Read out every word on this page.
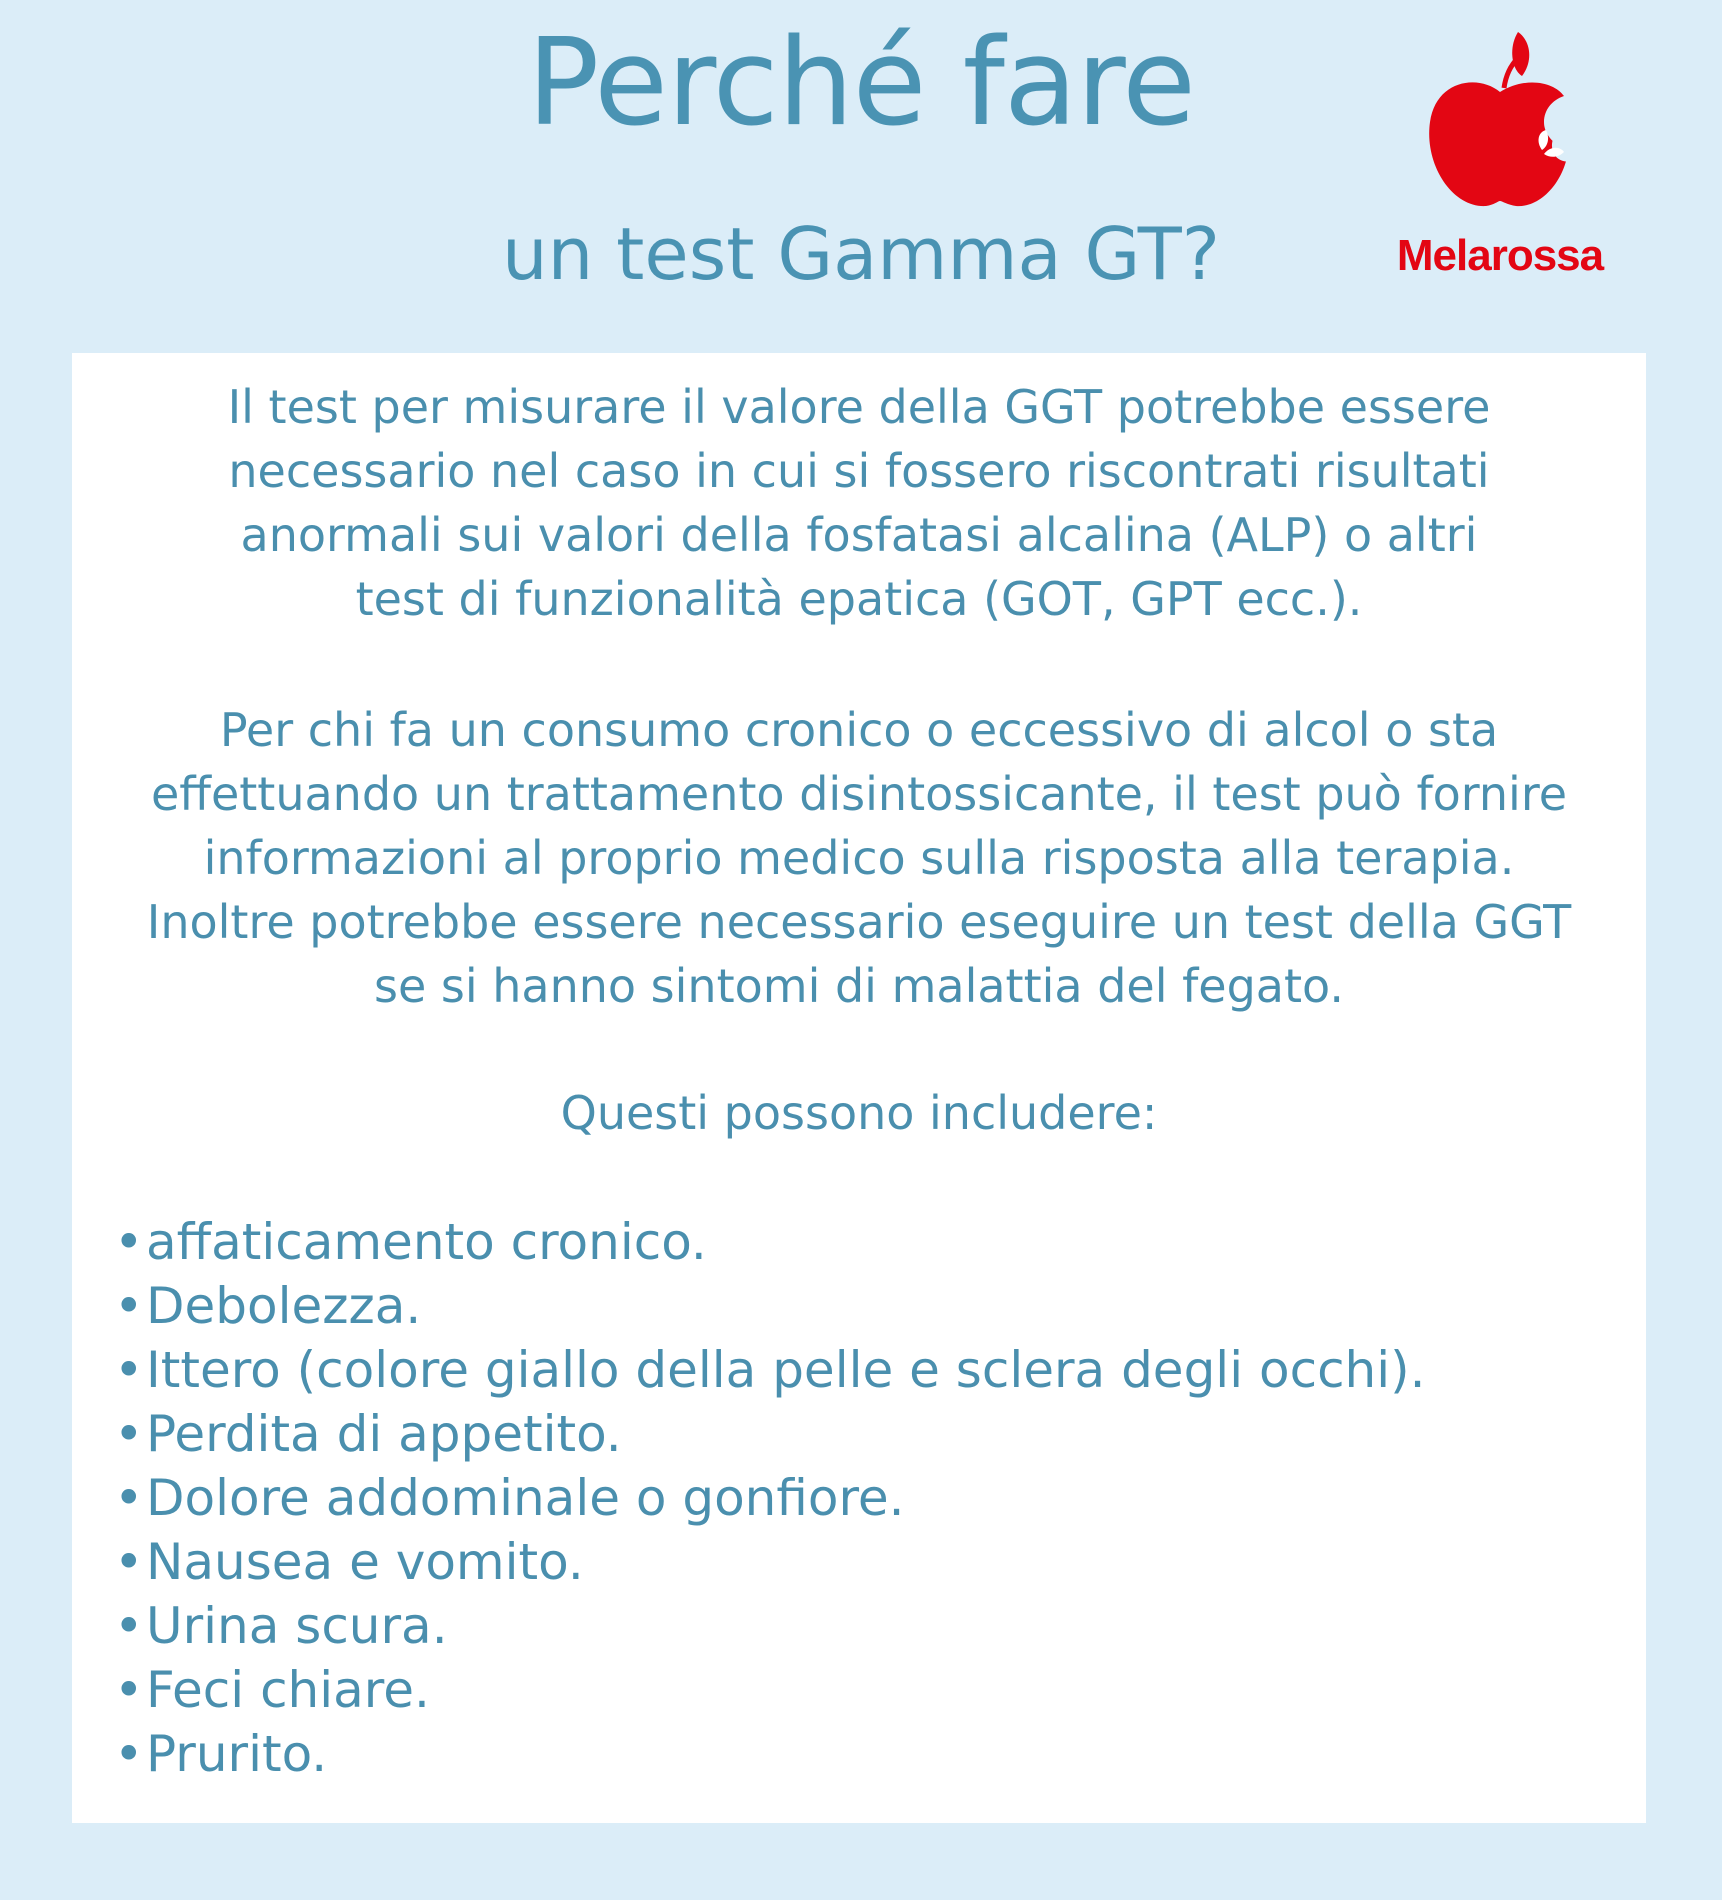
Perché fare
un test Gamma GT?	Melarossa
Il test per misurare il valore della GGT potrebbe essere
necessario nel caso in cui si fossero riscontrati risultati
anormali sui valori della fosfatasi alcalina (ALP) o altri
test di funzionalità epatica (GOT, GPT ecc.).
Per chi fa un consumo cronico o eccessivo di alcol o sta
effettuando un trattamento disintossicante, il test può fornire
informazioni al proprio medico sulla risposta alla terapia.
Inoltre potrebbe essere necessario eseguire un test della GGT
se si hanno sintomi di malattia del fegato.
Questi possono includere:
• affaticamento cronico.
• Debolezza.
• Ittero (colore giallo della pelle e sclera degli occhi).
• Perdita di appetito.
• Dolore addominale o gonfiore.
• Nausea e vomito.
• Urina scura.
• Feci chiare.
• Prurito.
